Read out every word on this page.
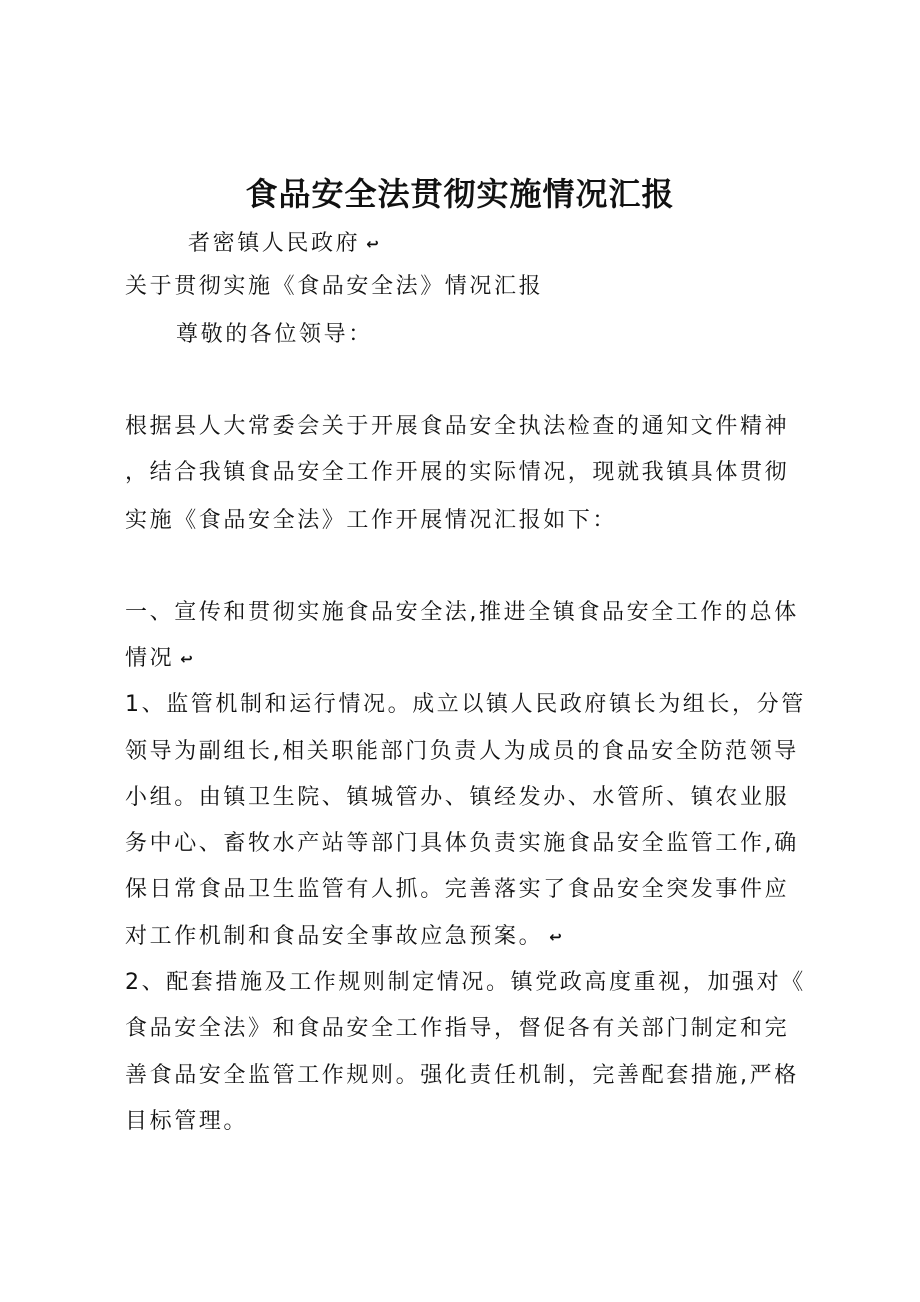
食品安全法贯彻实施情况汇报
者密镇人民政府 ↩
关于贯彻实施《食品安全法》情况汇报
尊敬的各位领导：
根据县人大常委会关于开展食品安全执法检查的通知文件精神
，结合我镇食品安全工作开展的实际情况，现就我镇具体贯彻
实施《食品安全法》工作开展情况汇报如下：
一、宣传和贯彻实施食品安全法,推进全镇食品安全工作的总体
情况 ↩
1、监管机制和运行情况。成立以镇人民政府镇长为组长，分管
领导为副组长,相关职能部门负责人为成员的食品安全防范领导
小组。由镇卫生院、镇城管办、镇经发办、水管所、镇农业服
务中心、畜牧水产站等部门具体负责实施食品安全监管工作,确
保日常食品卫生监管有人抓。完善落实了食品安全突发事件应
对工作机制和食品安全事故应急预案。 ↩
2、配套措施及工作规则制定情况。镇党政高度重视，加强对《
食品安全法》和食品安全工作指导，督促各有关部门制定和完
善食品安全监管工作规则。强化责任机制，完善配套措施,严格
目标管理。
